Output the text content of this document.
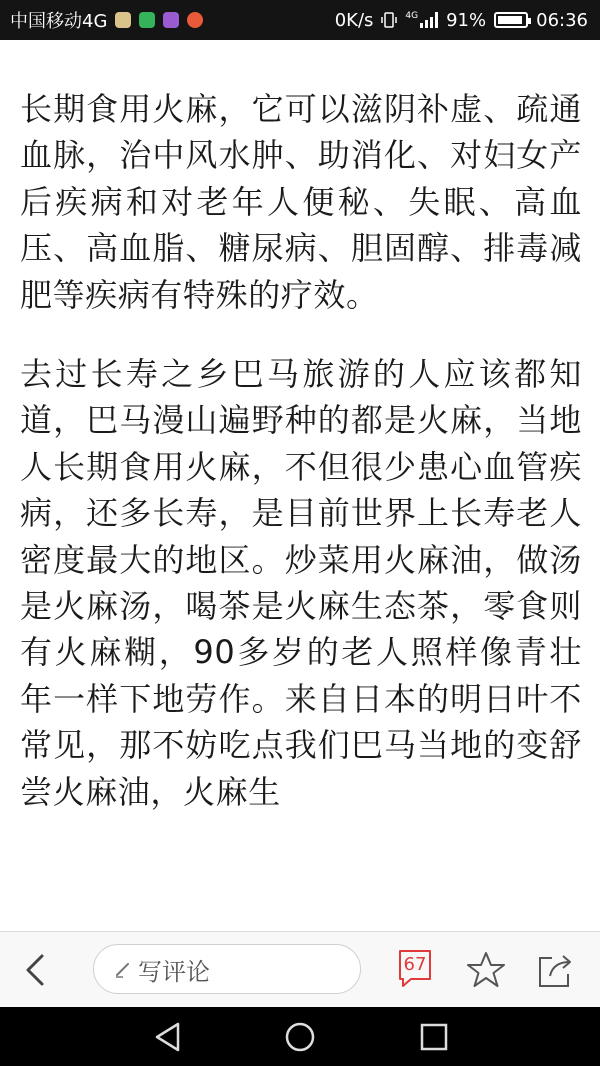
中国移动4G	0K/s	4G 91%	06:36

长期食用火麻，它可以滋阴补虚、疏通血脉，治中风水肿、助消化、对妇女产后疾病和对老年人便秘、失眠、高血压、高血脂、糖尿病、胆固醇、排毒减肥等疾病有特殊的疗效。

去过长寿之乡巴马旅游的人应该都知道，巴马漫山遍野种的都是火麻，当地人长期食用火麻，不但很少患心血管疾病，还多长寿，是目前世界上长寿老人密度最大的地区。炒菜用火麻油，做汤是火麻汤，喝茶是火麻生态茶，零食则有火麻糊，90多岁的老人照样像青壮年一样下地劳作。来自日本的明日叶不常见，那不妨吃点我们巴马当地的变舒尝火麻油，火麻生

写评论	67
